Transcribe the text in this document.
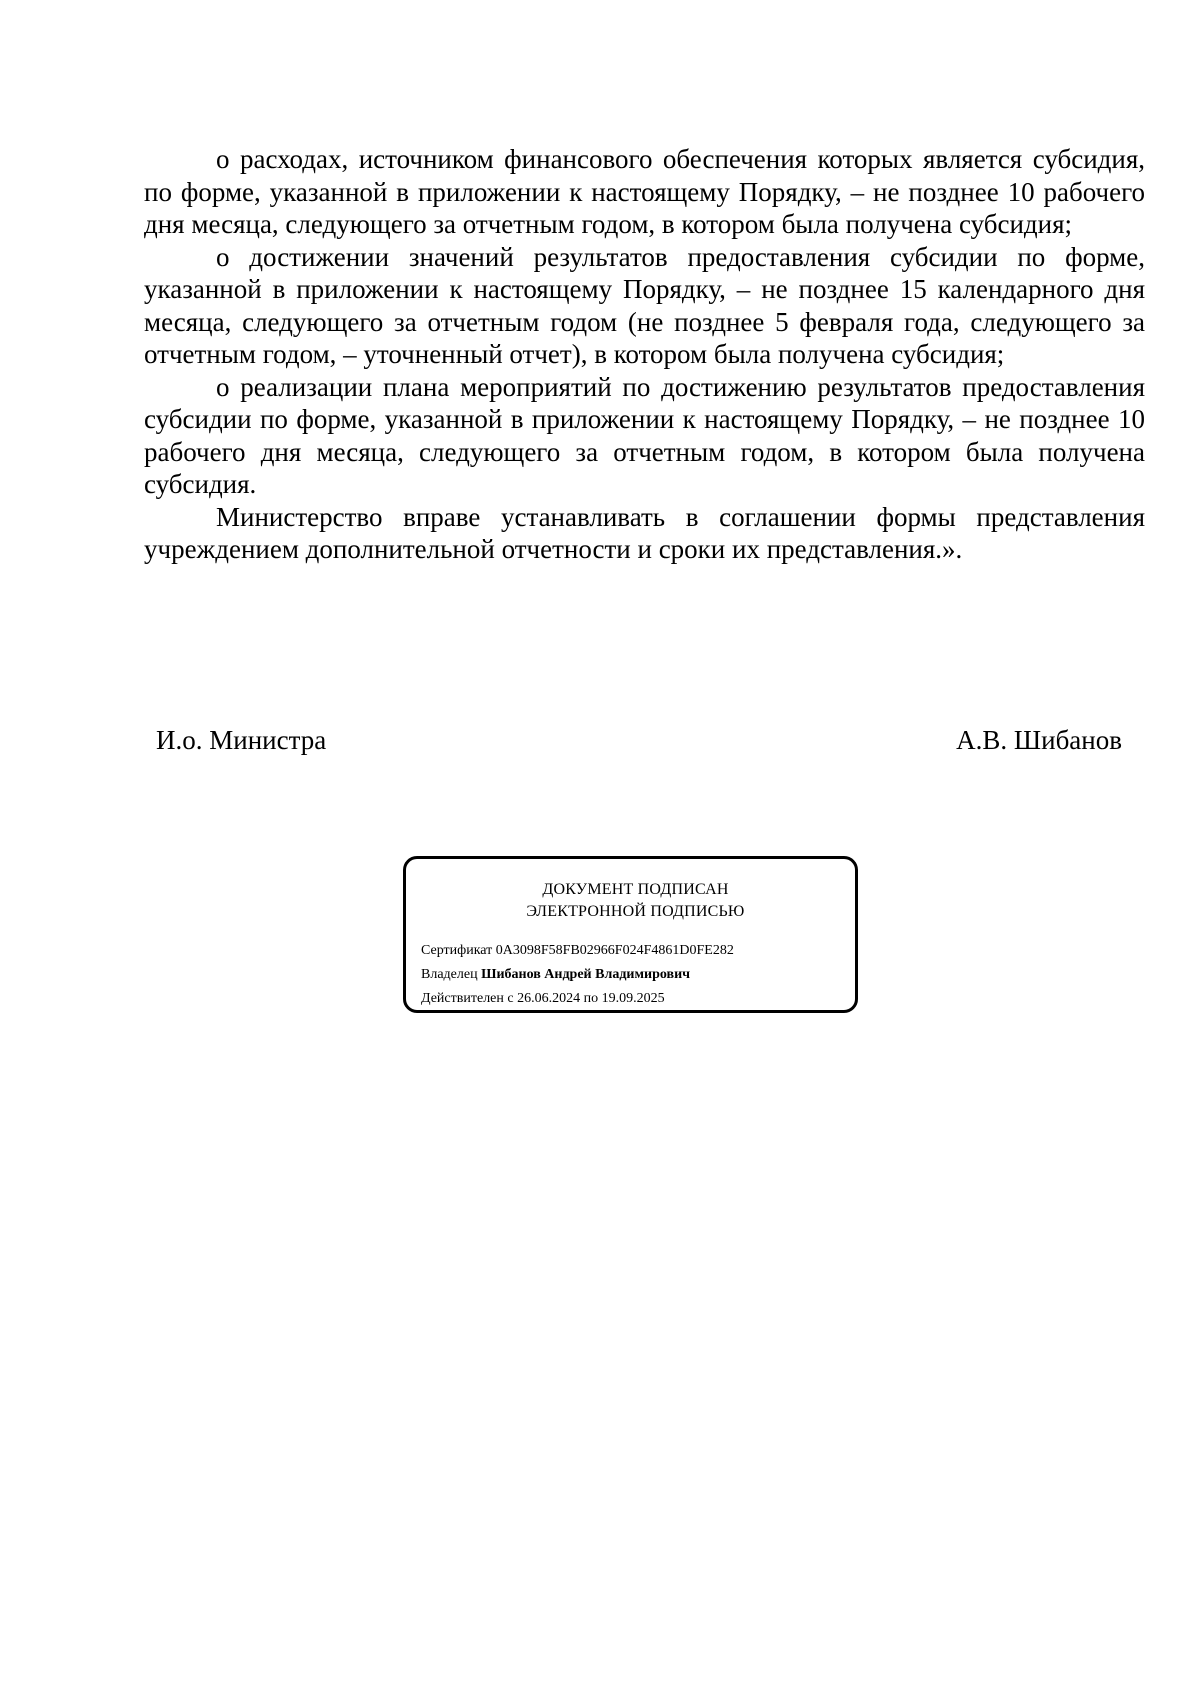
о расходах, источником финансового обеспечения которых является субсидия, по форме, указанной в приложении к настоящему Порядку, – не позднее 10 рабочего дня месяца, следующего за отчетным годом, в котором была получена субсидия;

о достижении значений результатов предоставления субсидии по форме, указанной в приложении к настоящему Порядку, – не позднее 15 календарного дня месяца, следующего за отчетным годом (не позднее 5 февраля года, следующего за отчетным годом, – уточненный отчет), в котором была получена субсидия;

о реализации плана мероприятий по достижению результатов предоставления субсидии по форме, указанной в приложении к настоящему Порядку, – не позднее 10 рабочего дня месяца, следующего за отчетным годом, в котором была получена субсидия.

Министерство вправе устанавливать в соглашении формы представления учреждением дополнительной отчетности и сроки их представления.».

И.о. Министра	А.В. Шибанов
ДОКУМЕНТ ПОДПИСАН
ЭЛЕКТРОННОЙ ПОДПИСЬЮ
Сертификат 0A3098F58FB02966F024F4861D0FE282
Владелец Шибанов Андрей Владимирович
Действителен с 26.06.2024 по 19.09.2025
